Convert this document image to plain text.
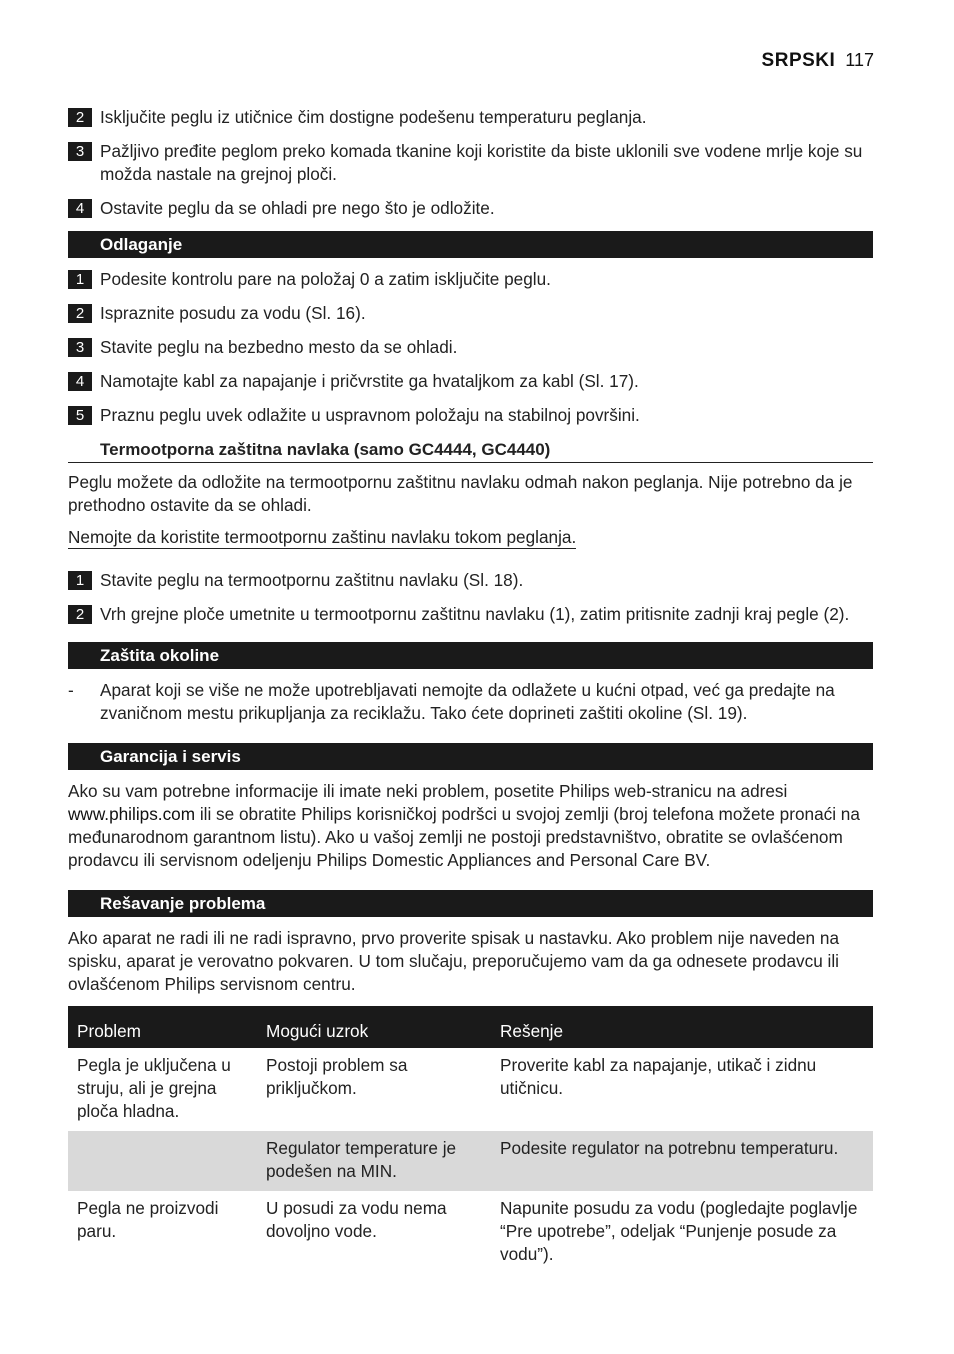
SRPSKI 117
2 Isključite peglu iz utičnice čim dostigne podešenu temperaturu peglanja.
3 Pažljivo pređite peglom preko komada tkanine koji koristite da biste uklonili sve vodene mrlje koje su možda nastale na grejnoj ploči.
4 Ostavite peglu da se ohladi pre nego što je odložite.
Odlaganje
1 Podesite kontrolu pare na položaj 0 a zatim isključite peglu.
2 Ispraznite posudu za vodu (Sl. 16).
3 Stavite peglu na bezbedno mesto da se ohladi.
4 Namotajte kabl za napajanje i pričvrstite ga hvataljkom za kabl (Sl. 17).
5 Praznu peglu uvek odlažite u uspravnom položaju na stabilnoj površini.
Termootporna zaštitna navlaka (samo GC4444, GC4440)

Peglu možete da odložite na termootpornu zaštitnu navlaku odmah nakon peglanja. Nije potrebno da je prethodno ostavite da se ohladi.

Nemojte da koristite termootpornu zaštinu navlaku tokom peglanja.
1 Stavite peglu na termootpornu zaštitnu navlaku (Sl. 18).
2 Vrh grejne ploče umetnite u termootpornu zaštitnu navlaku (1), zatim pritisnite zadnji kraj pegle (2).
Zaštita okoline
- Aparat koji se više ne može upotrebljavati nemojte da odlažete u kućni otpad, već ga predajte na zvaničnom mestu prikupljanja za reciklažu. Tako ćete doprineti zaštiti okoline (Sl. 19).
Garancija i servis

Ako su vam potrebne informacije ili imate neki problem, posetite Philips web-stranicu na adresi www.philips.com ili se obratite Philips korisničkoj podršci u svojoj zemlji (broj telefona možete pronaći na međunarodnom garantnom listu). Ako u vašoj zemlji ne postoji predstavništvo, obratite se ovlašćenom prodavcu ili servisnom odeljenju Philips Domestic Appliances and Personal Care BV.

Rešavanje problema

Ako aparat ne radi ili ne radi ispravno, prvo proverite spisak u nastavku. Ako problem nije naveden na spisku, aparat je verovatno pokvaren. U tom slučaju, preporučujemo vam da ga odnesete prodavcu ili ovlašćenom Philips servisnom centru.

Problem	Mogući uzrok	Rešenje
Pegla je uključena u struju, ali je grejna ploča hladna.	Postoji problem sa priključkom.	Proverite kabl za napajanje, utikač i zidnu utičnicu.
	Regulator temperature je podešen na MIN.	Podesite regulator na potrebnu temperaturu.
Pegla ne proizvodi paru.	U posudi za vodu nema dovoljno vode.	Napunite posudu za vodu (pogledajte poglavlje “Pre upotrebe”, odeljak “Punjenje posude za vodu”).
